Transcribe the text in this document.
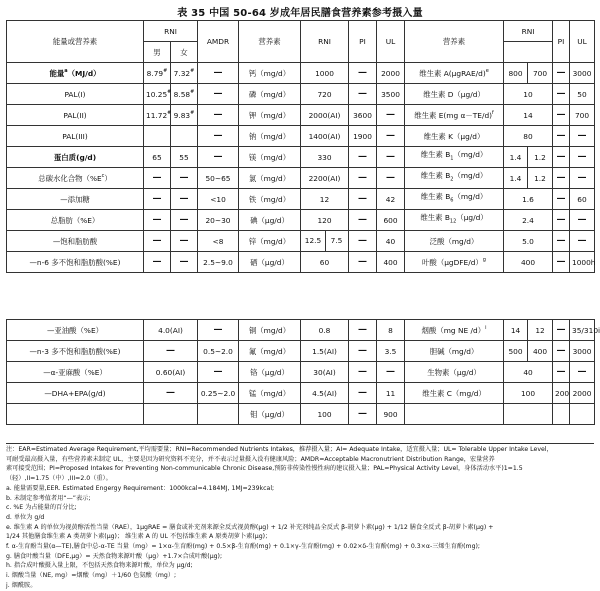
表 35 中国 50-64 岁成年居民膳食营养素参考摄入量
能量或营养素	RNI		AMDR	营养素	RNI	PI	UL	营养素	RNI		PI	UL
	男	女										
能量$^a$（MJ/d）	8.79#	7.32#	—	钙（mg/d）	1000	—	2000	维生素 A(μgRAE/d)$^e$	800	700	—	3000
PAL(I)	10.25#	8.58#	—	磷（mg/d）	720	—	3500	维生素 D（μg/d）	10		—	50
PAL(II)	11.72#	9.83#	—	钾（mg/d）	2000(AI)	3600	—	维生素 E(mg α－TE/d)$^f$	14		—	700
PAL(III)			—	钠（mg/d）	1400(AI)	1900	—	维生素 K（μg/d）	80		—	—
蛋白质(g/d)	65	55	—	镁（mg/d）	330	—	—	维生素 $B_1(mg/d)$	1.4	1.2	—	—
总碳水化合物$(\%E^c)$	—	—	50~65	氯（mg/d）	2200(AI)	—	—	维生素 $B_2(mg/d)$	1.4	1.2	—	—
—添加糖	—	—	<10	铁（mg/d）	12	—	42	维生素 $B_6(mg/d)$	1.6		—	60
总脂肪（%E）	—	—	20~30	碘（μg/d）	120	—	600	维生素 $B_{12}(\mu g/d)$	2.4		—	—
—饱和脂肪酸	—	—	<8	锌（mg/d）	12.5 7.5	—	40	泛酸（mg/d）	5.0		—	—
—n-6 多不饱和脂肪酸(%E)	—	—	2.5~9.0	硒（μg/d）	60	—	400	叶酸（μgDFE/d）$^g$	400		—	1000h
—亚油酸（%E）	4.0(AI)	—	铜（mg/d）	0.8	—	8	烟酸（mg NE /d）$^i$	14	12	—	35/310i
—n-3 多不饱和脂肪酸(%E)	—	0.5~2.0	氟（mg/d）	1.5(AI)	—	3.5	胆碱（mg/d）	500	400	—	3000
—α-亚麻酸（%E）	0.60(AI)	—	铬（μg/d）	30(AI)	—	—	生物素（μg/d）	40		—	—
—DHA+EPA(g/d)	—	0.25~2.0	锰（mg/d）	4.5(AI)	—	11	维生素 C（mg/d）	100		200	2000
			钼（μg/d）	100	—	900					
注：EAR=Estimated Average Requirement,平均需要量；RNI=Recommended Nutrients Intakes，推荐摄入量；AI= Adequate Intake，适宜摄入量；UL= Tolerable Upper Intake Level，
可耐受最高摄入量，有些营养素未制定 UL，主要是因为研究资料不充分，并不表示过量摄入没有健康风险；AMDR=Acceptable Macronutrient Distribution Range，宏量营养
素可接受范围；PI=Proposed Intakes for Preventing Non-communicable Chronic Disease,预防非传染性慢性病的建议摄入量；PAL=Physical Activity Level，身体活动水平)1=1.5
（轻）,II=1.75（中）,III=2.0（重）。
a. 能量需要量,EER. Estimated Engergy Requirement：1000kcal=4.184MJ, 1MJ=239kcal;
b. 未制定参考值者用“—”表示;
c. %E 为占能量的百分比;
d. 单位为 g/d
e. 维生素 A 的单位为视黄醇活性当量（RAE），1μgRAE = 膳食或补充剂来源全反式视黄醇(μg) + 1/2 补充剂纯品全反式 β-胡萝卜素(μg) + 1/12 膳食全反式 β-胡萝卜素(μg) +
1/24 其他膳食维生素 A 类胡萝卜素(μg)； 维生素 A 的 UL 不包括维生素 A 原类胡萝卜素(μg)；
f. α-生育酚当量(α—TE),膳食中总-α-TE 当量（mg）= 1×α-生育酚(mg) + 0.5×β-生育酚(mg) + 0.1×γ-生育酚(mg) + 0.02×δ-生育酚(mg) + 0.3×α-三烯生育酚(mg);
g. 膳食叶酸当量（DFE,μg）= 天然食物来源叶酸（μg）+1.7×合成叶酸(μg);
h. 指合成叶酸摄入量上限，不包括天然食物来源叶酸，单位为 μg/d;
i. 烟酸当量（NE, mg）=烟酸（mg）＋1/60 色氨酸（mg）;
j. 烟酰胺。
